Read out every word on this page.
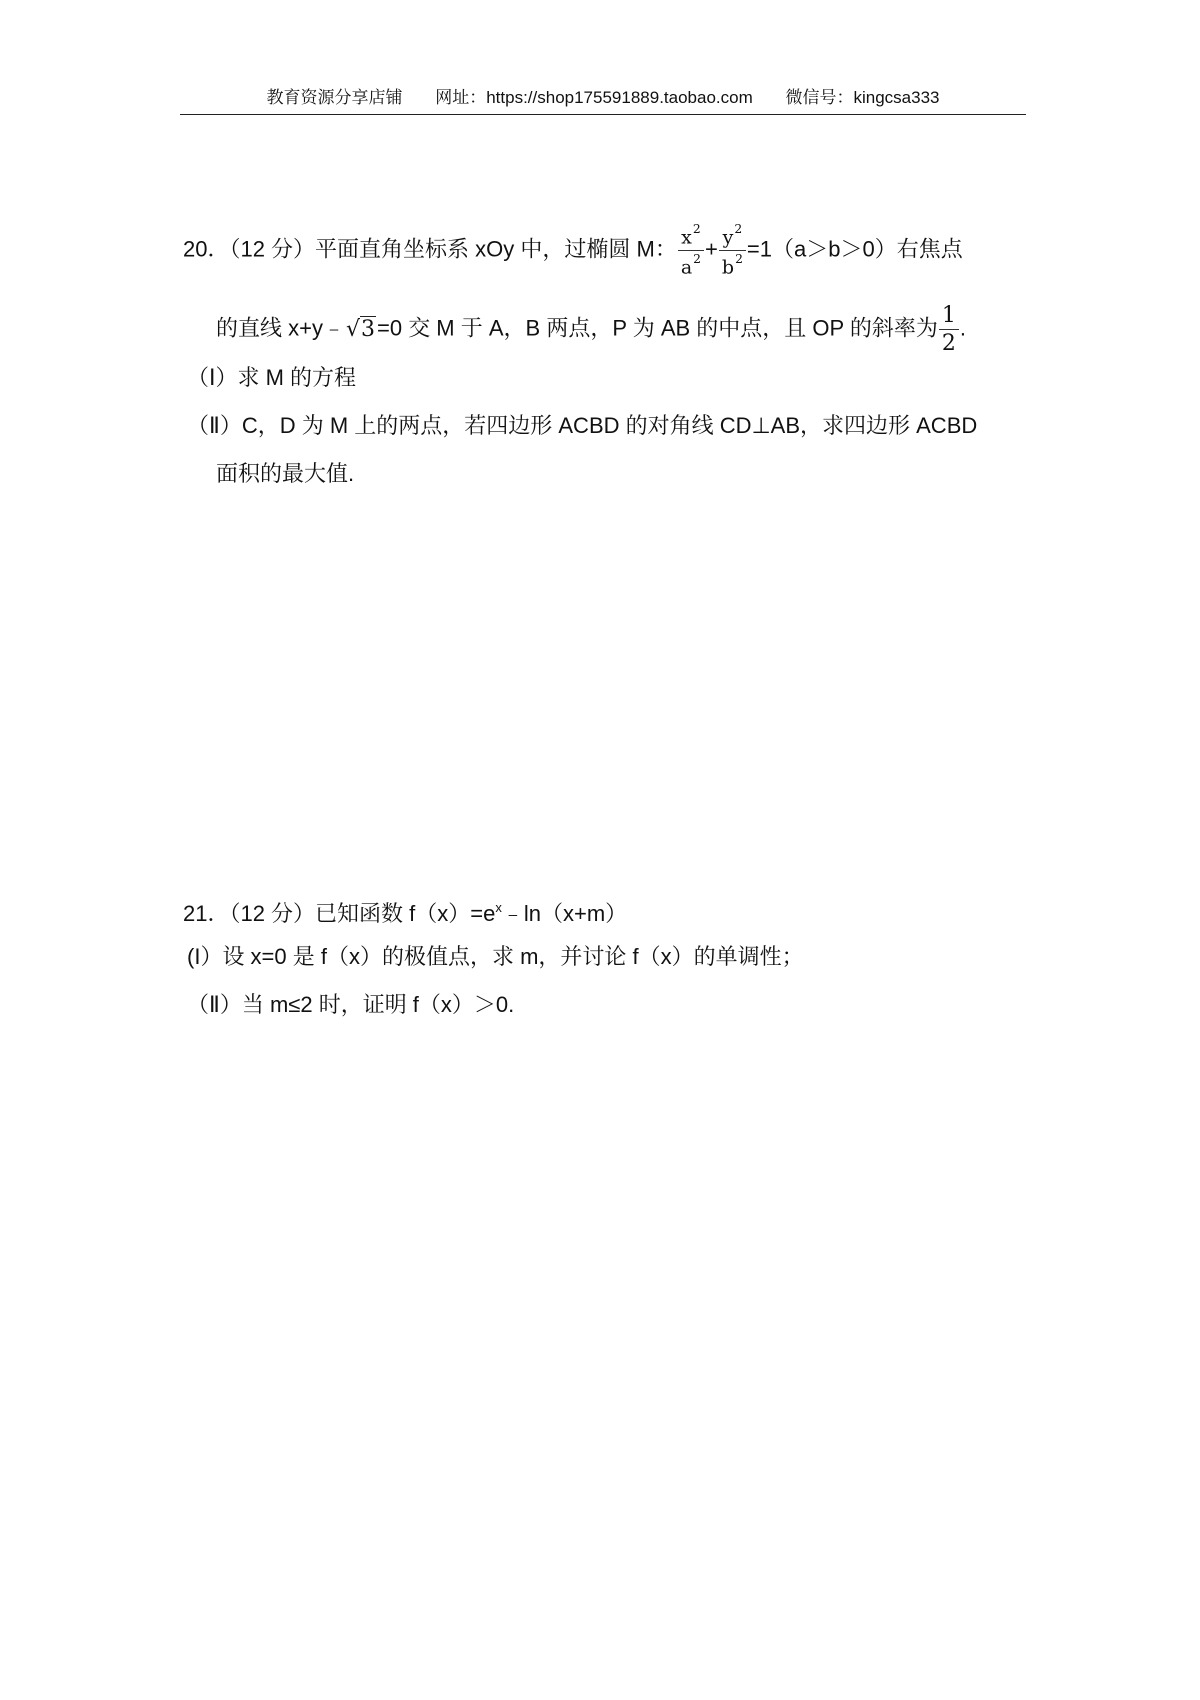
教育资源分享店铺 网址：https://shop175591889.taobao.com 微信号：kingcsa333
20．（12 分）平面直角坐标系 xOy 中，过椭圆 M： $\frac{x^2}{a^2} + \frac{y^2}{b^2} =1(a>b>0)$右焦点
的直线 x+y﹣√3=0 交 M 于 A，B 两点，P 为 AB 的中点，且 OP 的斜率为 $\frac{1}{2}$ .
（Ⅰ）求 M 的方程
（Ⅱ）C，D 为 M 上的两点，若四边形 ACBD 的对角线 CD⊥AB，求四边形 ACBD
面积的最大值.
21．（12 分）已知函数 $f(x)=e^x﹣\ln(x+m)$
(I）设 x=0 是 f（x）的极值点，求 m，并讨论 f（x）的单调性；
（Ⅱ）当 m≤2 时，证明 f（x）＞0.
